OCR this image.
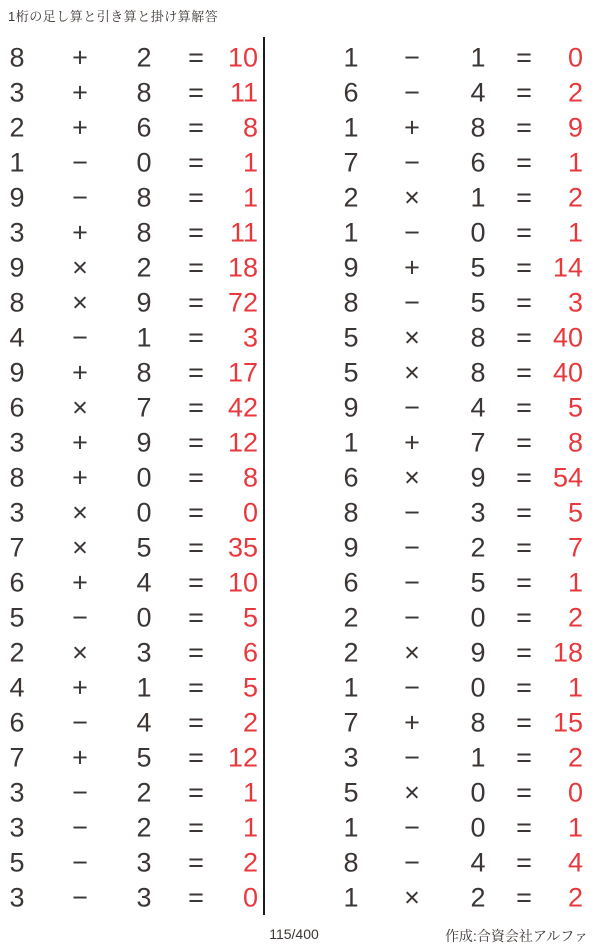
1桁の足し算と引き算と掛け算解答
8	+	2	= 10
3	+	8	= 11
2	+	6	=	8
1	−	0	=	1
9	−	8	=	1
3	+	8	= 11
9	×	2	= 18
8	×	9	= 72
4	−	1	=	3
9	+	8	= 17
6	×	7	= 42
3	+	9	= 12
8	+	0	=	8
3	×	0	=	0
7	×	5	= 35
6	+	4	= 10
5	−	0	=	5
2	×	3	=	6
4	+	1	=	5
6	−	4	=	2
7	+	5	= 12
3	−	2	=	1
3	−	2	=	1
5	−	3	=	2
3	−	3	=	0
1	−	1	=	0
6	−	4	=	2
1	+	8	=	9
7	−	6	=	1
2	×	1	=	2
1	−	0	=	1
9	+	5	= 14
8	−	5	=	3
5	×	8	= 40
5	×	8	= 40
9	−	4	=	5
1	+	7	=	8
6	×	9	= 54
8	−	3	=	5
9	−	2	=	7
6	−	5	=	1
2	−	0	=	2
2	×	9	= 18
1	−	0	=	1
7	+	8	= 15
3	−	1	=	2
5	×	0	=	0
1	−	0	=	1
8	−	4	=	4
1	×	2	=	2
115/400	作成:合資会社アルファ
